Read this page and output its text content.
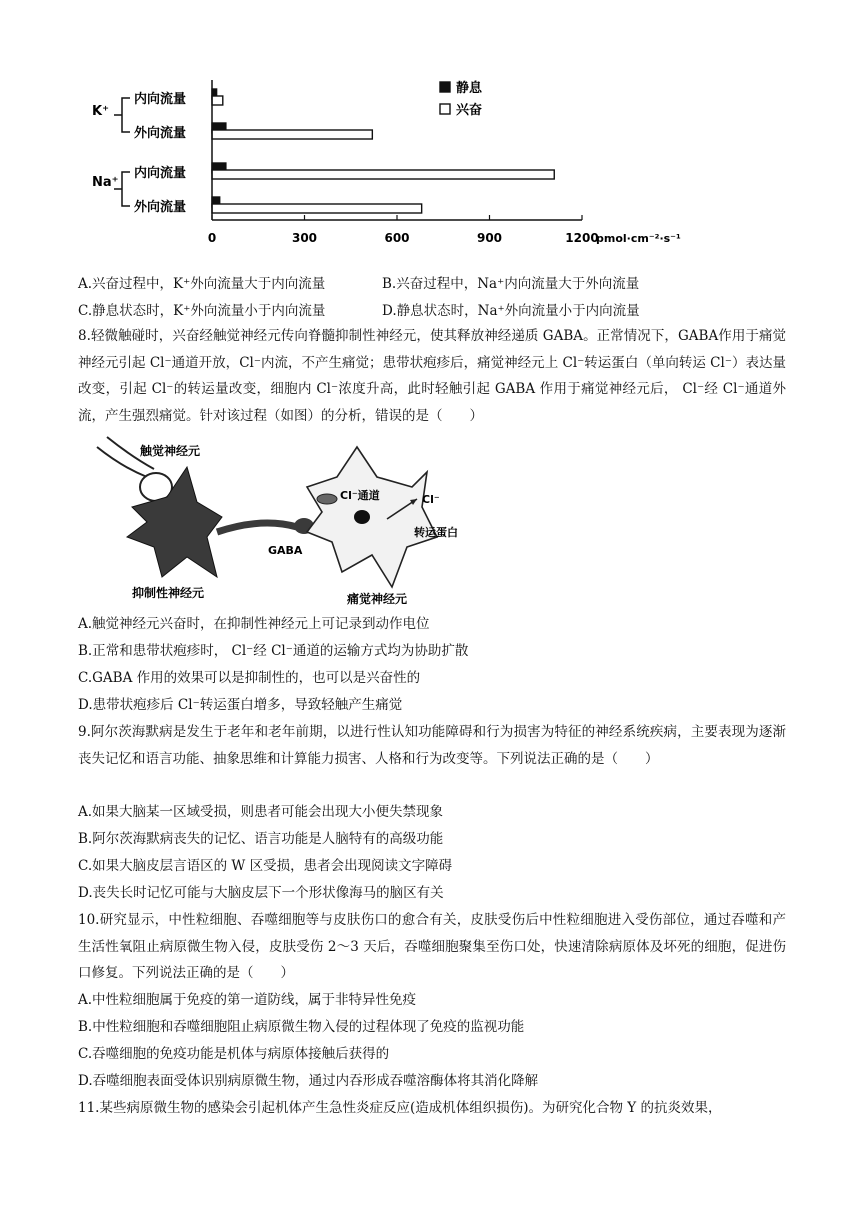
K⁺
Na⁺
内向流量
外向流量
内向流量
外向流量
0	300	600	900	1200
pmol·cm⁻²·s⁻¹
静息
兴奋
A.兴奋过程中，K⁺外向流量大于内向流量	B.兴奋过程中，Na⁺内向流量大于外向流量
C.静息状态时，K⁺外向流量小于内向流量	D.静息状态时，Na⁺外向流量小于内向流量
8.轻微触碰时，兴奋经触觉神经元传向脊髓抑制性神经元，使其释放神经递质 GABA。正常情况下，GABA作用于痛觉神经元引起 Cl⁻通道开放，Cl⁻内流，不产生痛觉；患带状疱疹后，痛觉神经元上 Cl⁻转运蛋白（单向转运 Cl⁻）表达量改变，引起 Cl⁻的转运量改变，细胞内 Cl⁻浓度升高，此时轻触引起 GABA 作用于痛觉神经元后， Cl⁻经 Cl⁻通道外流，产生强烈痛觉。针对该过程（如图）的分析，错误的是（　　）
触觉神经元
抑制性神经元
GABA
Cl⁻通道	Cl⁻
转运蛋白
痛觉神经元
A.触觉神经元兴奋时，在抑制性神经元上可记录到动作电位
B.正常和患带状疱疹时， Cl⁻经 Cl⁻通道的运输方式均为协助扩散
C.GABA 作用的效果可以是抑制性的，也可以是兴奋性的
D.患带状疱疹后 Cl⁻转运蛋白增多，导致轻触产生痛觉
9.阿尔茨海默病是发生于老年和老年前期，以进行性认知功能障碍和行为损害为特征的神经系统疾病，主要表现为逐渐丧失记忆和语言功能、抽象思维和计算能力损害、人格和行为改变等。下列说法正确的是（　　）
A.如果大脑某一区域受损，则患者可能会出现大小便失禁现象
B.阿尔茨海默病丧失的记忆、语言功能是人脑特有的高级功能
C.如果大脑皮层言语区的 W 区受损，患者会出现阅读文字障碍
D.丧失长时记忆可能与大脑皮层下一个形状像海马的脑区有关
10.研究显示，中性粒细胞、吞噬细胞等与皮肤伤口的愈合有关，皮肤受伤后中性粒细胞进入受伤部位，通过吞噬和产生活性氧阻止病原微生物入侵，皮肤受伤 2～3 天后，吞噬细胞聚集至伤口处，快速清除病原体及坏死的细胞，促进伤口修复。下列说法正确的是（　　）
A.中性粒细胞属于免疫的第一道防线，属于非特异性免疫
B.中性粒细胞和吞噬细胞阻止病原微生物入侵的过程体现了免疫的监视功能
C.吞噬细胞的免疫功能是机体与病原体接触后获得的
D.吞噬细胞表面受体识别病原微生物，通过内吞形成吞噬溶酶体将其消化降解
11.某些病原微生物的感染会引起机体产生急性炎症反应(造成机体组织损伤)。为研究化合物 Y 的抗炎效果，
